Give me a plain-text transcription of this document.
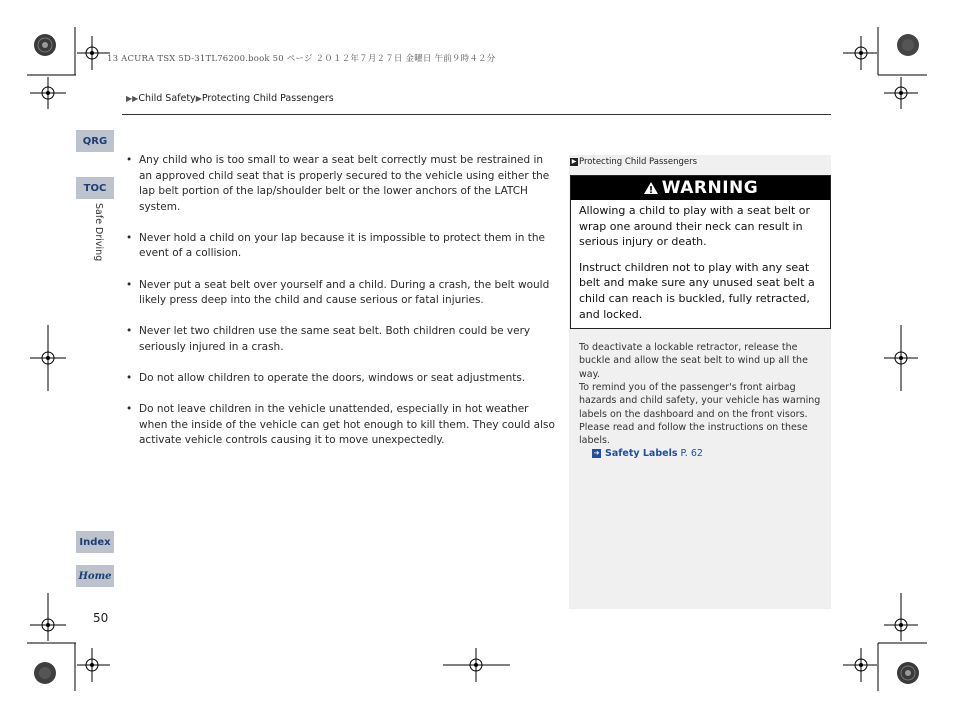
13 ACURA TSX 5D-31TL76200.book 50 ページ ２０１２年７月２７日 金曜日 午前９時４２分
▶▶Child Safety▶Protecting Child Passengers
QRG
TOC
Safe Driving
Index
Home
50
• Any child who is too small to wear a seat belt correctly must be restrained in an approved child seat that is properly secured to the vehicle using either the lap belt portion of the lap/shoulder belt or the lower anchors of the LATCH system.
• Never hold a child on your lap because it is impossible to protect them in the event of a collision.
• Never put a seat belt over yourself and a child. During a crash, the belt would likely press deep into the child and cause serious or fatal injuries.
• Never let two children use the same seat belt. Both children could be very seriously injured in a crash.
• Do not allow children to operate the doors, windows or seat adjustments.
• Do not leave children in the vehicle unattended, especially in hot weather when the inside of the vehicle can get hot enough to kill them. They could also activate vehicle controls causing it to move unexpectedly.
▶ Protecting Child Passengers
WARNING

Allowing a child to play with a seat belt or wrap one around their neck can result in serious injury or death.

Instruct children not to play with any seat belt and make sure any unused seat belt a child can reach is buckled, fully retracted, and locked.

To deactivate a lockable retractor, release the buckle and allow the seat belt to wind up all the way.
To remind you of the passenger's front airbag hazards and child safety, your vehicle has warning labels on the dashboard and on the front visors. Please read and follow the instructions on these labels.
➔ Safety Labels P. 62
